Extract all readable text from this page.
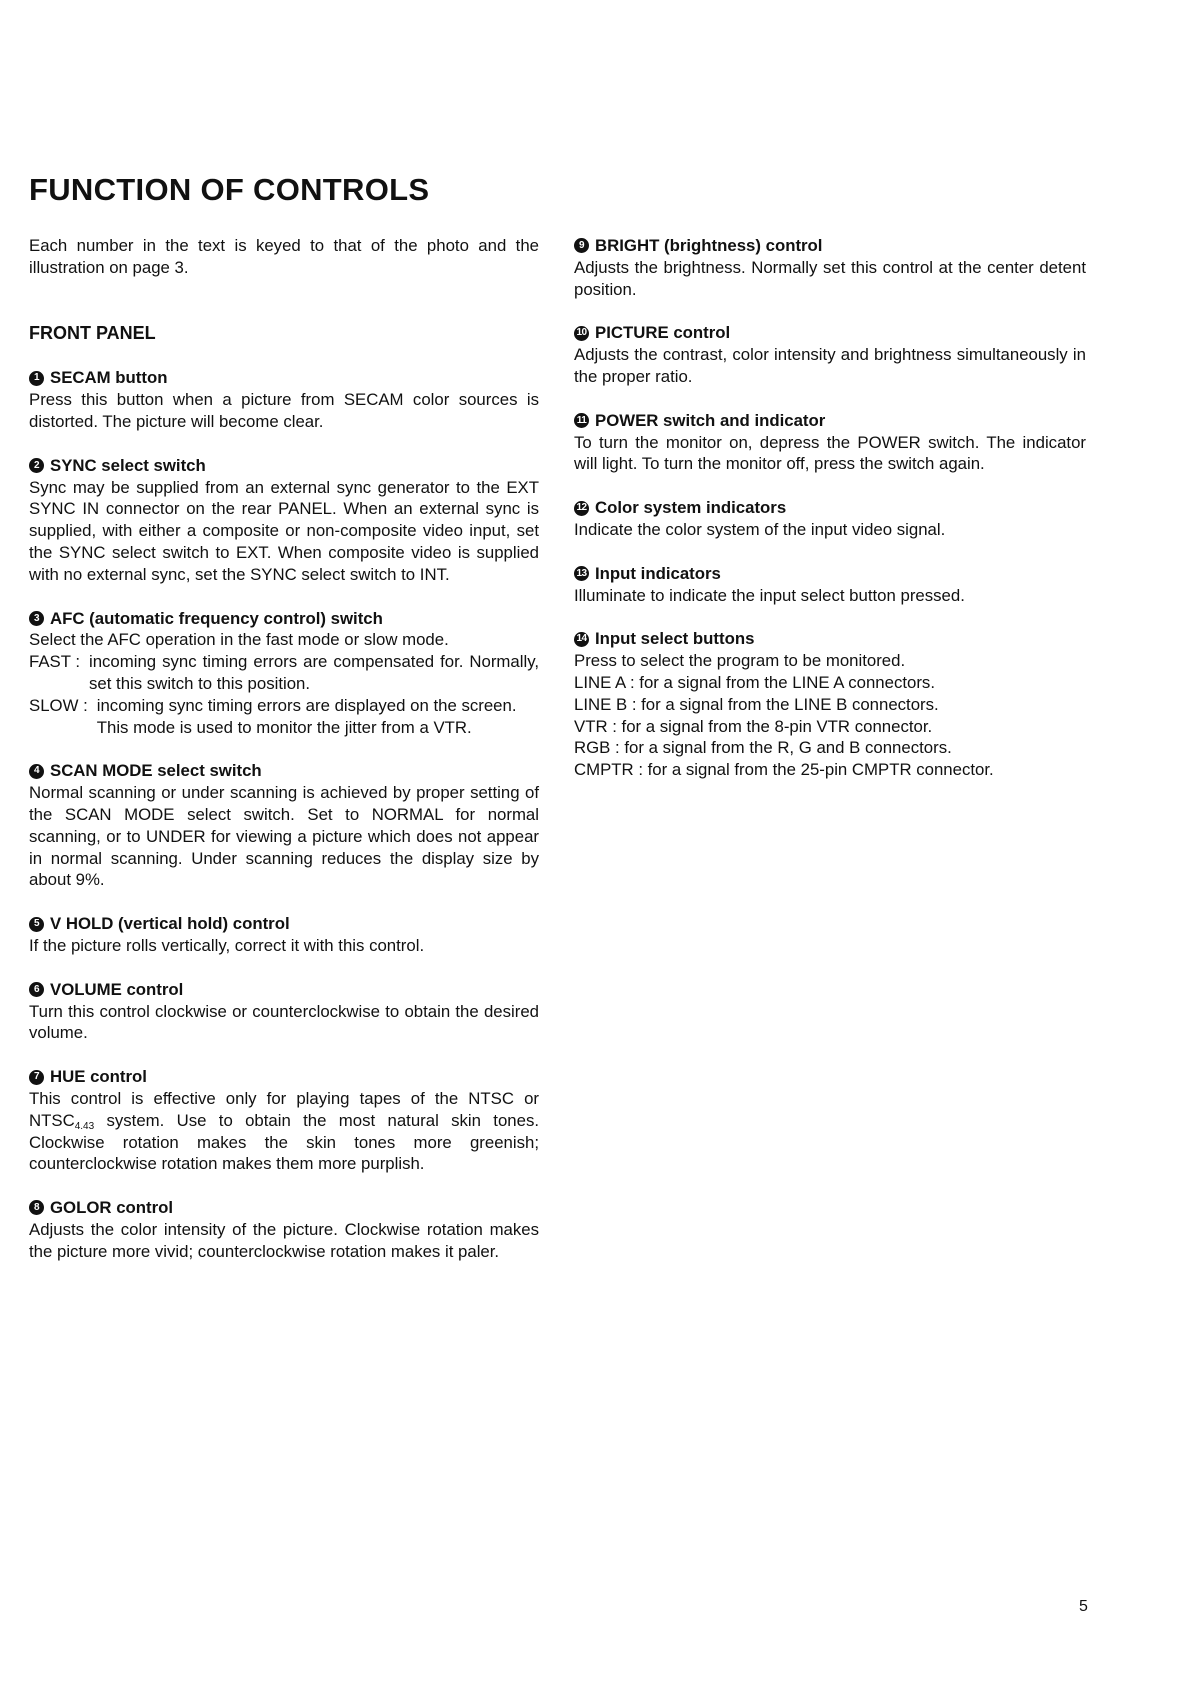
FUNCTION OF CONTROLS

Each number in the text is keyed to that of the photo and the illustration on page 3.

FRONT PANEL
1 SECAM button

Press this button when a picture from SECAM color sources is distorted. The picture will become clear.

2 SYNC select switch

Sync may be supplied from an external sync generator to the EXT SYNC IN connector on the rear PANEL. When an external sync is supplied, with either a composite or non-composite video input, set the SYNC select switch to EXT. When composite video is supplied with no external sync, set the SYNC select switch to INT.

3 AFC (automatic frequency control) switch

Select the AFC operation in the fast mode or slow mode.

FAST : incoming sync timing errors are compensated for. Normally, set this switch to this position.
SLOW : incoming sync timing errors are displayed on the screen.
This mode is used to monitor the jitter from a VTR.
4 SCAN MODE select switch

Normal scanning or under scanning is achieved by proper setting of the SCAN MODE select switch. Set to NORMAL for normal scanning, or to UNDER for viewing a picture which does not appear in normal scanning. Under scanning reduces the display size by about 9%.

5 V HOLD (vertical hold) control

If the picture rolls vertically, correct it with this control.

6 VOLUME control

Turn this control clockwise or counterclockwise to obtain the desired volume.

7 HUE control

This control is effective only for playing tapes of the NTSC or $NTSC_{4.43}$ system. Use to obtain the most natural skin tones. Clockwise rotation makes the skin tones more greenish; counterclockwise rotation makes them more purplish.

8 GOLOR control

Adjusts the color intensity of the picture. Clockwise rotation makes the picture more vivid; counterclockwise rotation makes it paler.

9 BRIGHT (brightness) control

Adjusts the brightness. Normally set this control at the center detent position.

10 PICTURE control

Adjusts the contrast, color intensity and brightness simultaneously in the proper ratio.

11 POWER switch and indicator

To turn the monitor on, depress the POWER switch. The indicator will light. To turn the monitor off, press the switch again.

12 Color system indicators

Indicate the color system of the input video signal.

13 Input indicators

Illuminate to indicate the input select button pressed.

14 Input select buttons

Press to select the program to be monitored.

LINE A : for a signal from the LINE A connectors.
LINE B : for a signal from the LINE B connectors.
VTR : for a signal from the 8-pin VTR connector.
RGB : for a signal from the R, G and B connectors.
CMPTR : for a signal from the 25-pin CMPTR connector.
5
